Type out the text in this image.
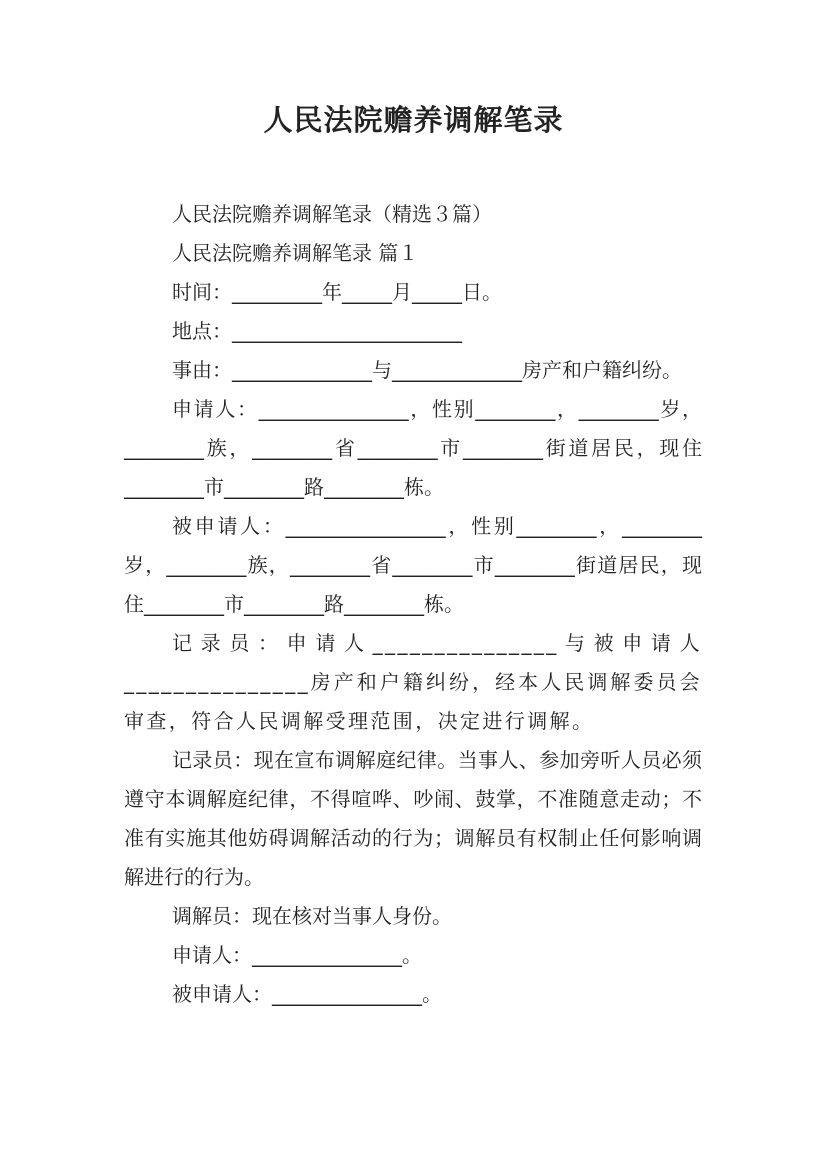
人民法院赡养调解笔录

人民法院赡养调解笔录（精选３篇）

人民法院赡养调解笔录 篇１

时间：_________年_____月_____日。

地点：_______________________

事由：______________与_____________房产和户籍纠纷。

申请人：_______________，性别________，________岁，________族，________省________市________街道居民，现住________市________路________栋。

被申请人：________________，性别________，________岁，________族，________省________市________街道居民，现住________市________路________栋。

记录员：申请人_______________与被申请人_______________房产和户籍纠纷，经本人民调解委员会审查，符合人民调解受理范围，决定进行调解。

记录员：现在宣布调解庭纪律。当事人、参加旁听人员必须遵守本调解庭纪律，不得喧哗、吵闹、鼓掌，不准随意走动；不准有实施其他妨碍调解活动的行为；调解员有权制止任何影响调解进行的行为。

调解员：现在核对当事人身份。

申请人：_______________。

被申请人：_______________。
